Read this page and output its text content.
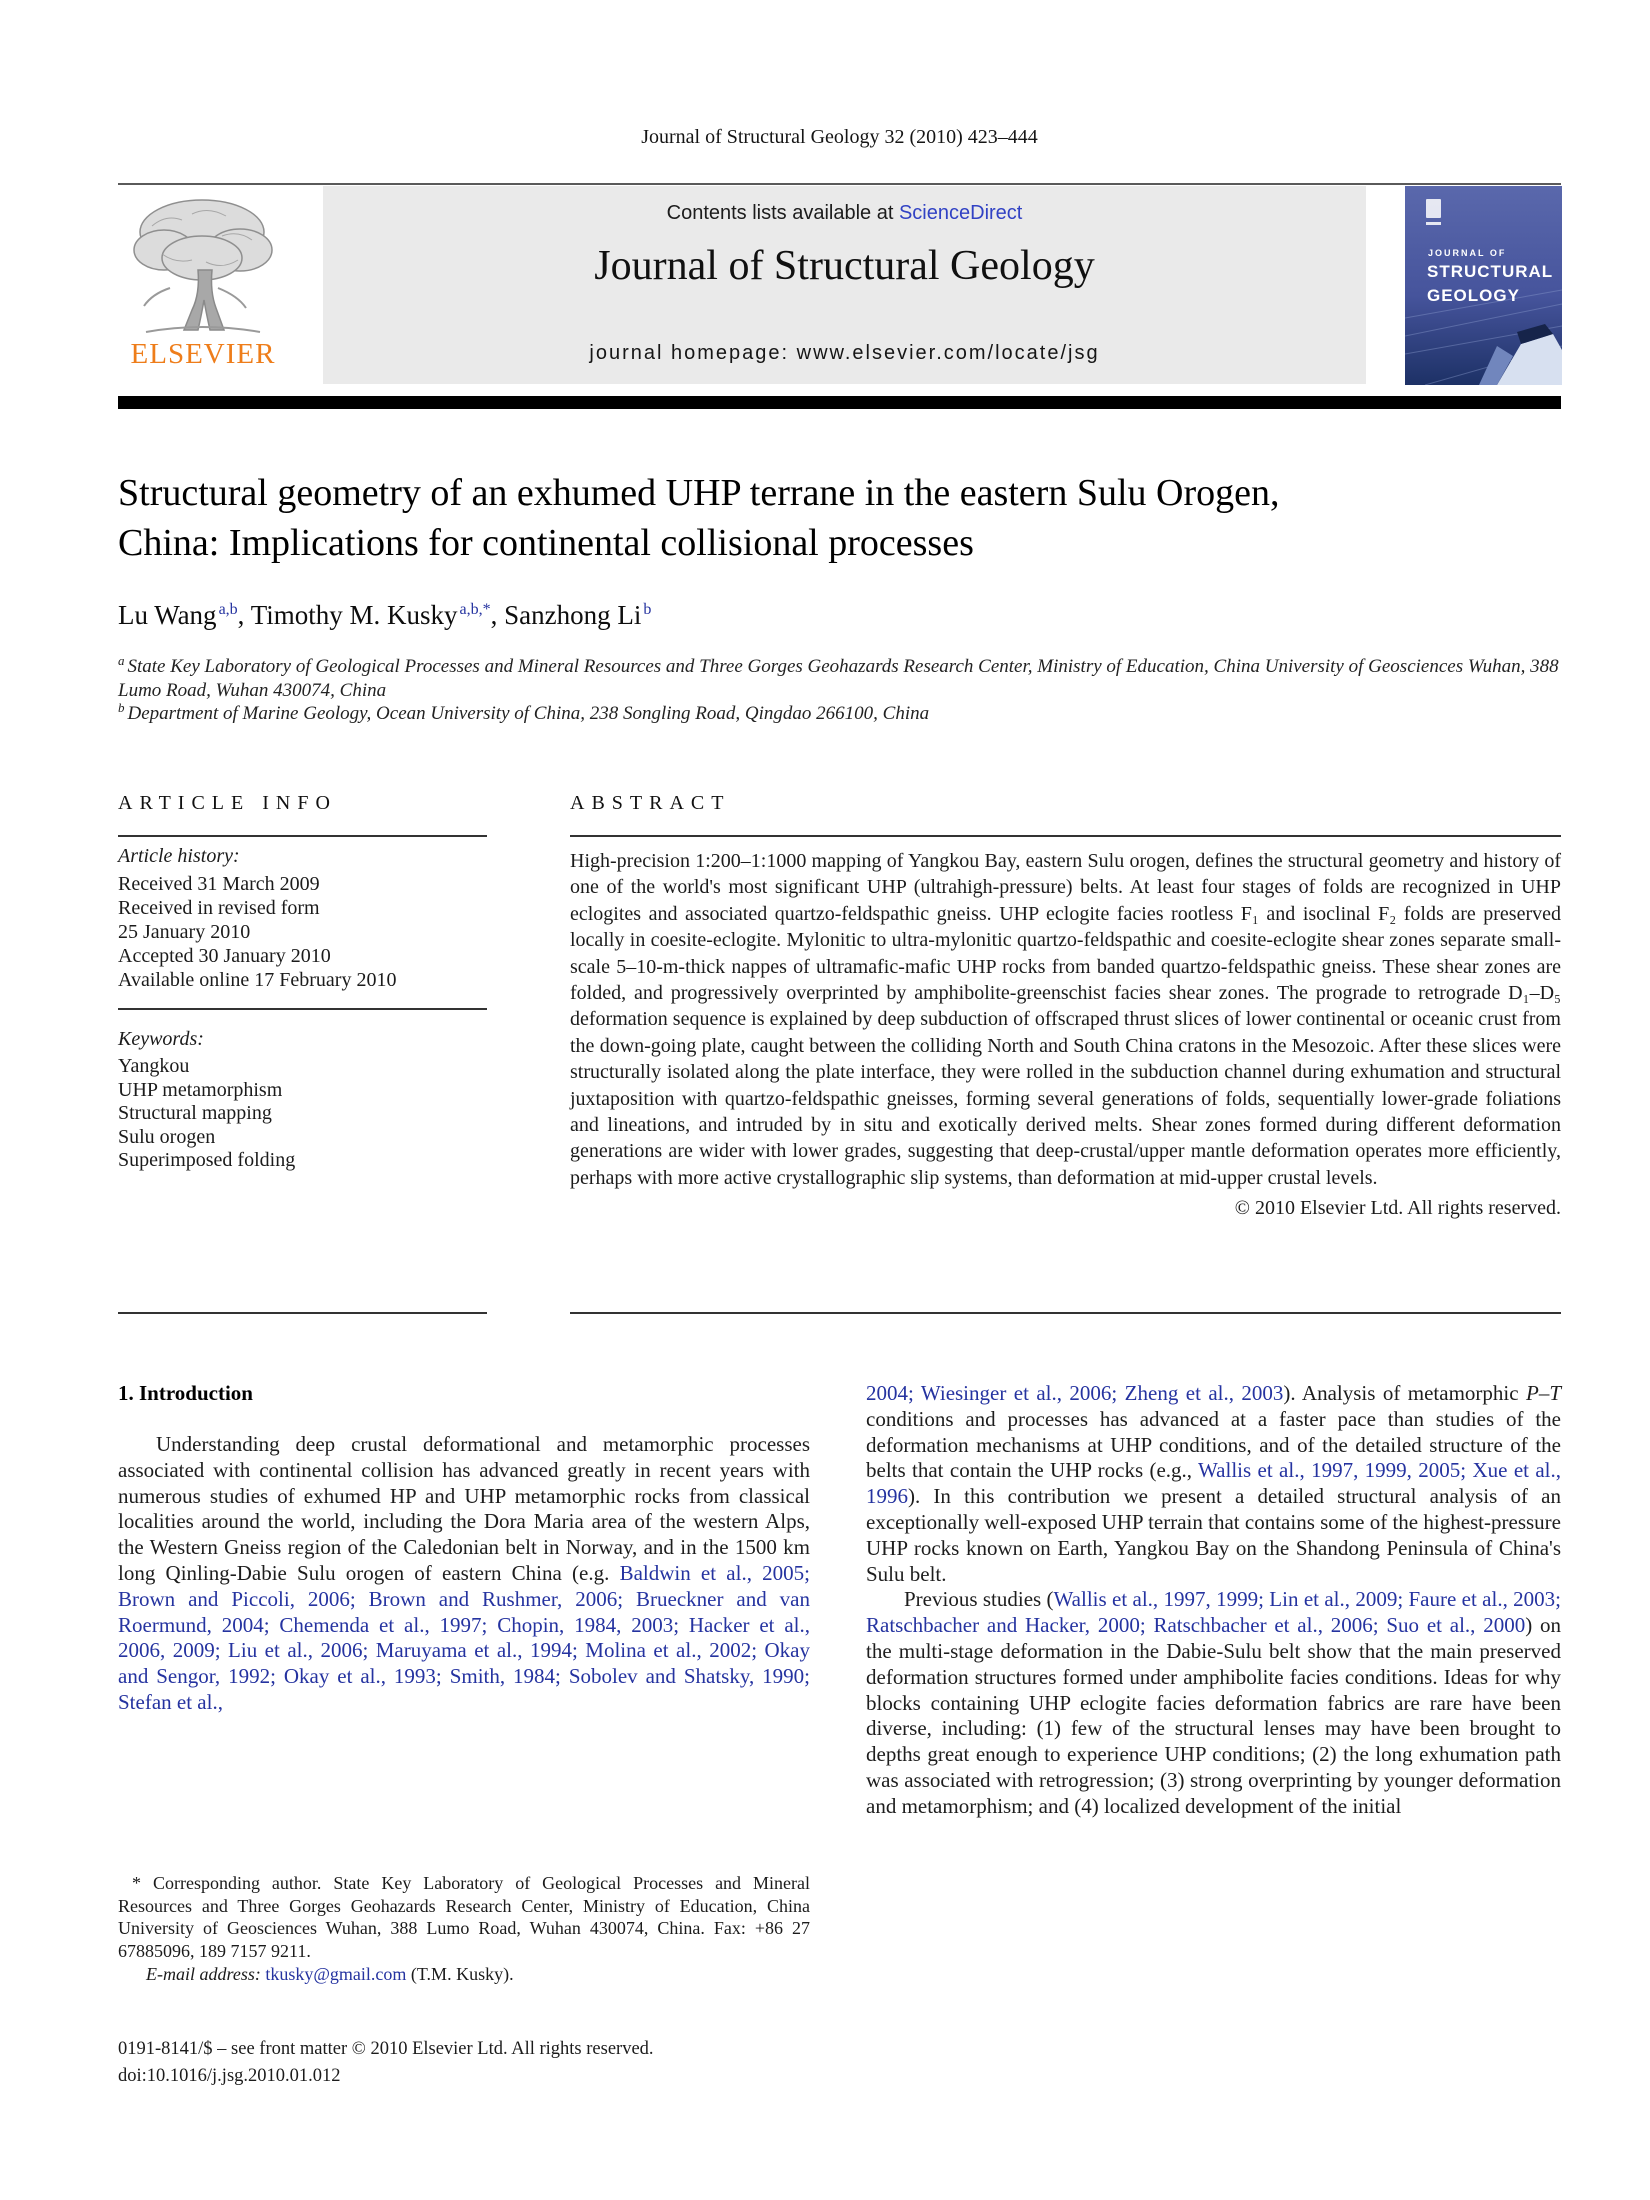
Journal of Structural Geology 32 (2010) 423–444
ELSEVIER
Contents lists available at ScienceDirect
Journal of Structural Geology
journal homepage: www.elsevier.com/locate/jsg
JOURNAL OF
STRUCTURAL
GEOLOGY
Structural geometry of an exhumed UHP terrane in the eastern Sulu Orogen,
China: Implications for continental collisional processes
Lu Wang $^{a,b}$, Timothy M. Kusky $^{a,b,*}$, Sanzhong Li $^b$
$^a$ State Key Laboratory of Geological Processes and Mineral Resources and Three Gorges Geohazards Research Center, Ministry of Education, China University of Geosciences Wuhan, 388 Lumo Road, Wuhan 430074, China
$^b$ Department of Marine Geology, Ocean University of China, 238 Songling Road, Qingdao 266100, China
ARTICLE INFO
Article history:
Received 31 March 2009
Received in revised form
25 January 2010
Accepted 30 January 2010
Available online 17 February 2010
Keywords:
Yangkou
UHP metamorphism
Structural mapping
Sulu orogen
Superimposed folding
ABSTRACT
High-precision 1:200–1:1000 mapping of Yangkou Bay, eastern Sulu orogen, defines the structural geometry and history of one of the world's most significant UHP (ultrahigh-pressure) belts. At least four stages of folds are recognized in UHP eclogites and associated quartzo-feldspathic gneiss. UHP eclogite facies rootless F₁ and isoclinal F₂ folds are preserved locally in coesite-eclogite. Mylonitic to ultra-mylonitic quartzo-feldspathic and coesite-eclogite shear zones separate small-scale 5–10-m-thick nappes of ultramafic-mafic UHP rocks from banded quartzo-feldspathic gneiss. These shear zones are folded, and progressively overprinted by amphibolite-greenschist facies shear zones. The prograde to retrograde D₁–D₅ deformation sequence is explained by deep subduction of offscraped thrust slices of lower continental or oceanic crust from the down-going plate, caught between the colliding North and South China cratons in the Mesozoic. After these slices were structurally isolated along the plate interface, they were rolled in the subduction channel during exhumation and structural juxtaposition with quartzo-feldspathic gneisses, forming several generations of folds, sequentially lower-grade foliations and lineations, and intruded by in situ and exotically derived melts. Shear zones formed during different deformation generations are wider with lower grades, suggesting that deep-crustal/upper mantle deformation operates more efficiently, perhaps with more active crystallographic slip systems, than deformation at mid-upper crustal levels.
© 2010 Elsevier Ltd. All rights reserved.
1. Introduction

Understanding deep crustal deformational and metamorphic processes associated with continental collision has advanced greatly in recent years with numerous studies of exhumed HP and UHP metamorphic rocks from classical localities around the world, including the Dora Maria area of the western Alps, the Western Gneiss region of the Caledonian belt in Norway, and in the 1500 km long Qinling-Dabie Sulu orogen of eastern China (e.g. Baldwin et al., 2005; Brown and Piccoli, 2006; Brown and Rushmer, 2006; Brueckner and van Roermund, 2004; Chemenda et al., 1997; Chopin, 1984, 2003; Hacker et al., 2006, 2009; Liu et al., 2006; Maruyama et al., 1994; Molina et al., 2002; Okay and Sengor, 1992; Okay et al., 1993; Smith, 1984; Sobolev and Shatsky, 1990; Stefan et al.,

2004; Wiesinger et al., 2006; Zheng et al., 2003). Analysis of metamorphic P–T conditions and processes has advanced at a faster pace than studies of the deformation mechanisms at UHP conditions, and of the detailed structure of the belts that contain the UHP rocks (e.g., Wallis et al., 1997, 1999, 2005; Xue et al., 1996). In this contribution we present a detailed structural analysis of an exceptionally well-exposed UHP terrain that contains some of the highest-pressure UHP rocks known on Earth, Yangkou Bay on the Shandong Peninsula of China's Sulu belt.

Previous studies (Wallis et al., 1997, 1999; Lin et al., 2009; Faure et al., 2003; Ratschbacher and Hacker, 2000; Ratschbacher et al., 2006; Suo et al., 2000) on the multi-stage deformation in the Dabie-Sulu belt show that the main preserved deformation structures formed under amphibolite facies conditions. Ideas for why blocks containing UHP eclogite facies deformation fabrics are rare have been diverse, including: (1) few of the structural lenses may have been brought to depths great enough to experience UHP conditions; (2) the long exhumation path was associated with retrogression; (3) strong overprinting by younger deformation and metamorphism; and (4) localized development of the initial

* Corresponding author. State Key Laboratory of Geological Processes and Mineral Resources and Three Gorges Geohazards Research Center, Ministry of Education, China University of Geosciences Wuhan, 388 Lumo Road, Wuhan 430074, China. Fax: +86 27 67885096, 189 7157 9211.
E-mail address: tkusky@gmail.com (T.M. Kusky).
0191-8141/$ – see front matter © 2010 Elsevier Ltd. All rights reserved.
doi:10.1016/j.jsg.2010.01.012
